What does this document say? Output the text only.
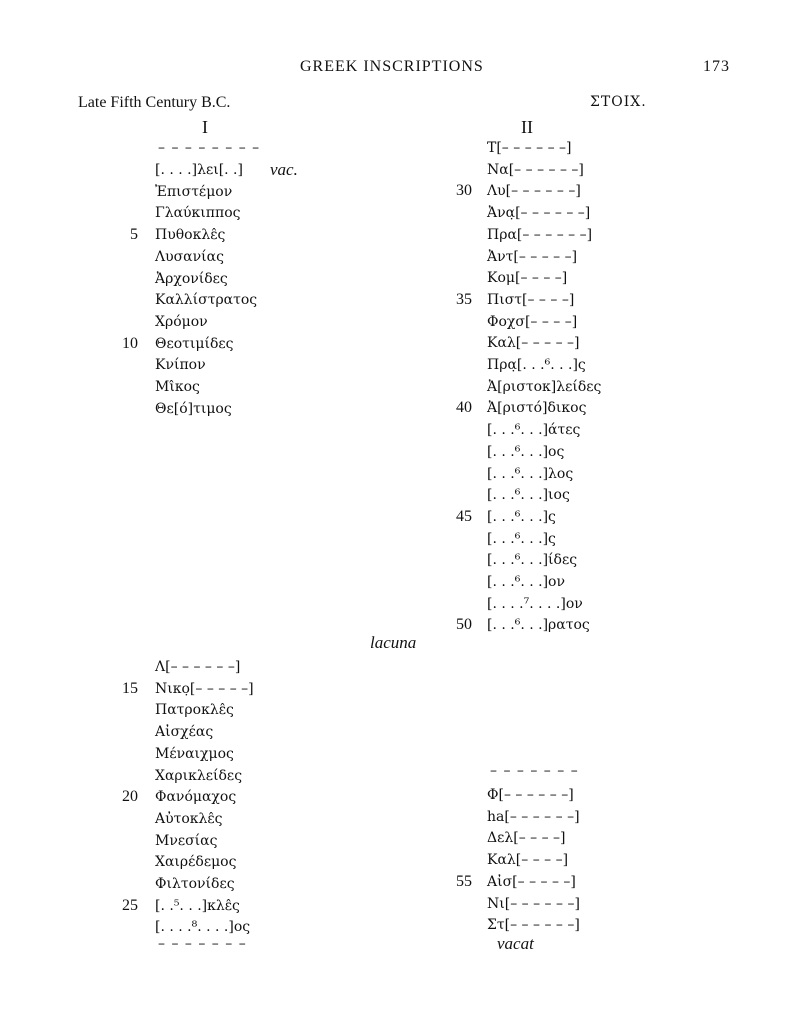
GREEK INSCRIPTIONS	173
Late Fifth Century B.C.	ΣΤΟΙΧ.
I	II
– – – – – – – –
[. . . .]λει[. .] vac.
Ἐπιστέμον
Γλαύκιππος
5 Πυθοκλε̂ς
Λυσανίας
Ἀρχονίδες
Καλλίστρατος
Χρόμον
10 Θεοτιμίδες
Κνίπον
Μι̂κος
Θε[ό]τιμος
Λ[– – – – – –]
15 Νικο̣[– – – – –]
Πατροκλε̂ς
Αἰσχέας
Μέναιχμος
Χαρικλείδες
20 Φανόμαχος
Αὐτοκλε̂ς
Μνεσίας
Χαιρέδεμος
Φιλτονίδες
25 [. .⁵. . .]κλε̂ς
[. . . .⁸. . . .]ος
– – – – – – –
Τ[– – – – – –]
Να[– – – – – –]
30 Λυ[– – – – – –]
Ἀνα̣[– – – – – –]
Πρα[– – – – – –]
Ἀντ[– – – – –]
Κομ[– – – –]
35 Πιστ[– – – –]
Φοχσ[– – – –]
Καλ[– – – – –]
Πρα̣[. . .⁶. . .]ς
Ἀ[ριστοκ]λείδες
40 Ἀ[ριστό]δικος
[. . .⁶. . .]άτες
[. . .⁶. . .]ος
[. . .⁶. . .]λος
[. . .⁶. . .]ιος
45 [. . .⁶. . .]ς
[. . .⁶. . .]ς
[. . .⁶. . .]ίδες
[. . .⁶. . .]ον
[. . . .⁷. . . .]ον
50 [. . .⁶. . .]ρατος
lacuna
– – – – – – –
Φ[– – – – – –]
ha[– – – – – –]
Δελ[– – – –]
Καλ[– – – –]
55 Αἰσ[– – – – –]
Νι[– – – – – –]
Στ[– – – – – –]
vacat
